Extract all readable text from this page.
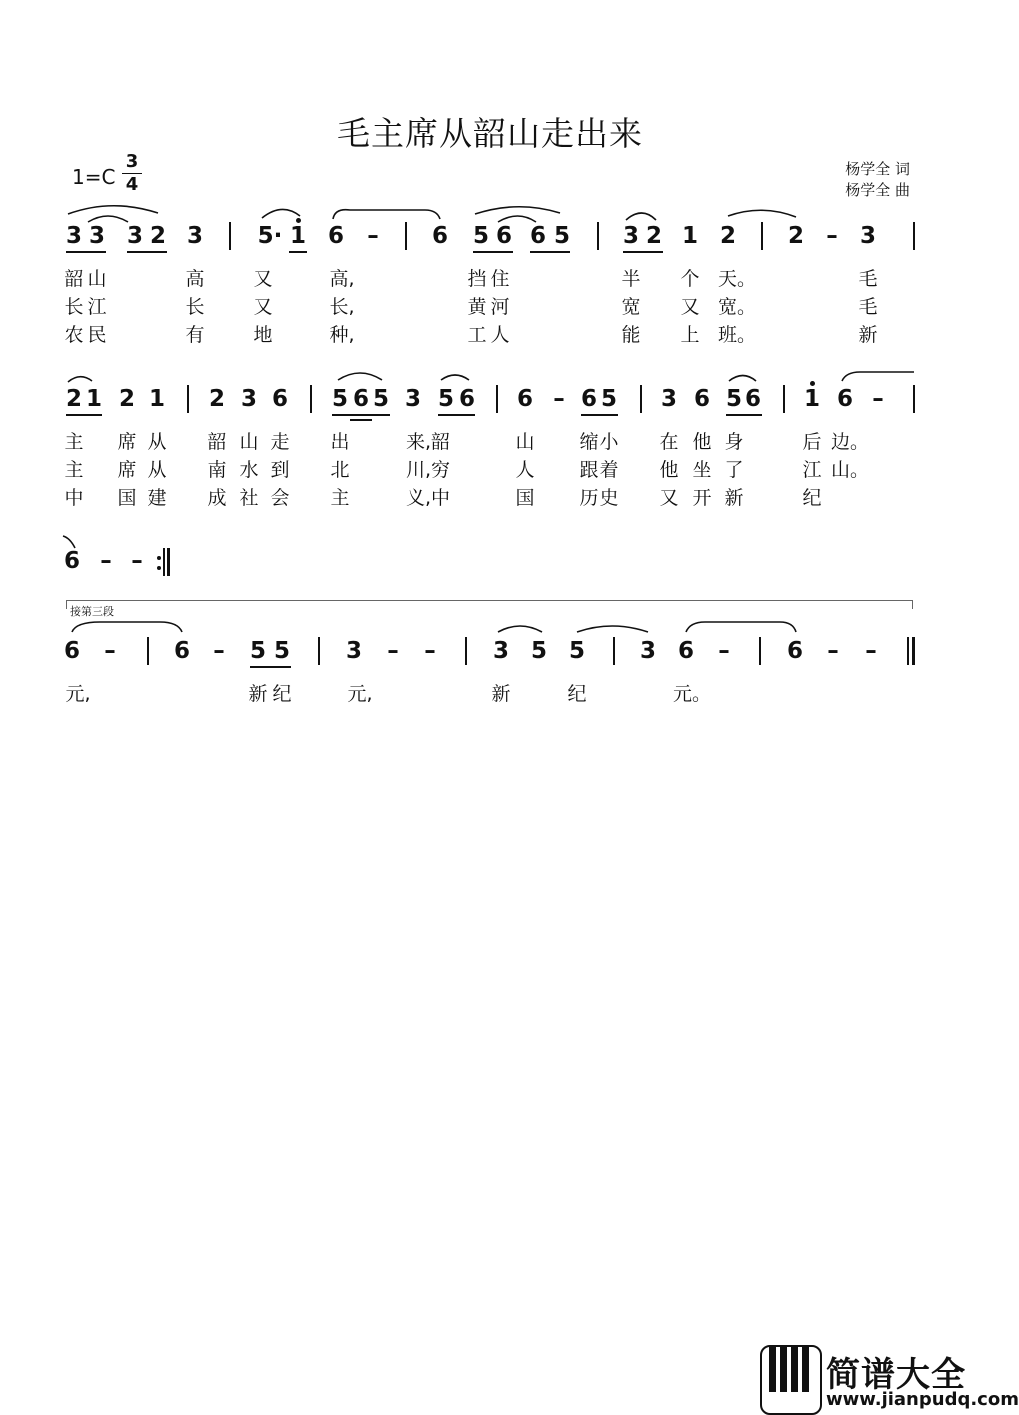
毛主席从韶山走出来
1=C
3
4
杨学全 词
杨学全 曲
3 3 3 2 3 5· 1 6 – 6 5 6 6 5 3 2 1 2 2 – 3
韶 山	高	又	高,	挡 住	半 个 天。	毛
长 江	长	又	长,	黄 河	宽 又 宽。	毛
农 民	有	地	种,	工 人	能 上 班。	新
2 1 2 1 2 3 6 5 6 5 3 5 6 6 – 6 5 3 6 5 6 1 6 –
主 席 从 韶 山 走 出	来,韶	山 缩 小 在 他 身	后 边。
主 席 从 南 水 到 北	川,穷	人 跟 着 他 坐 了	江 山。
中 国 建 成 社 会 主	义,中	国 历 史 又 开 新	纪
6 – –
接第三段
6 –	6 – 5 5 3 – – 3 5 5 3 6 – 6 – –
元,	新 纪	元,	新	纪	元。
简谱大全
www.jianpudq.com
